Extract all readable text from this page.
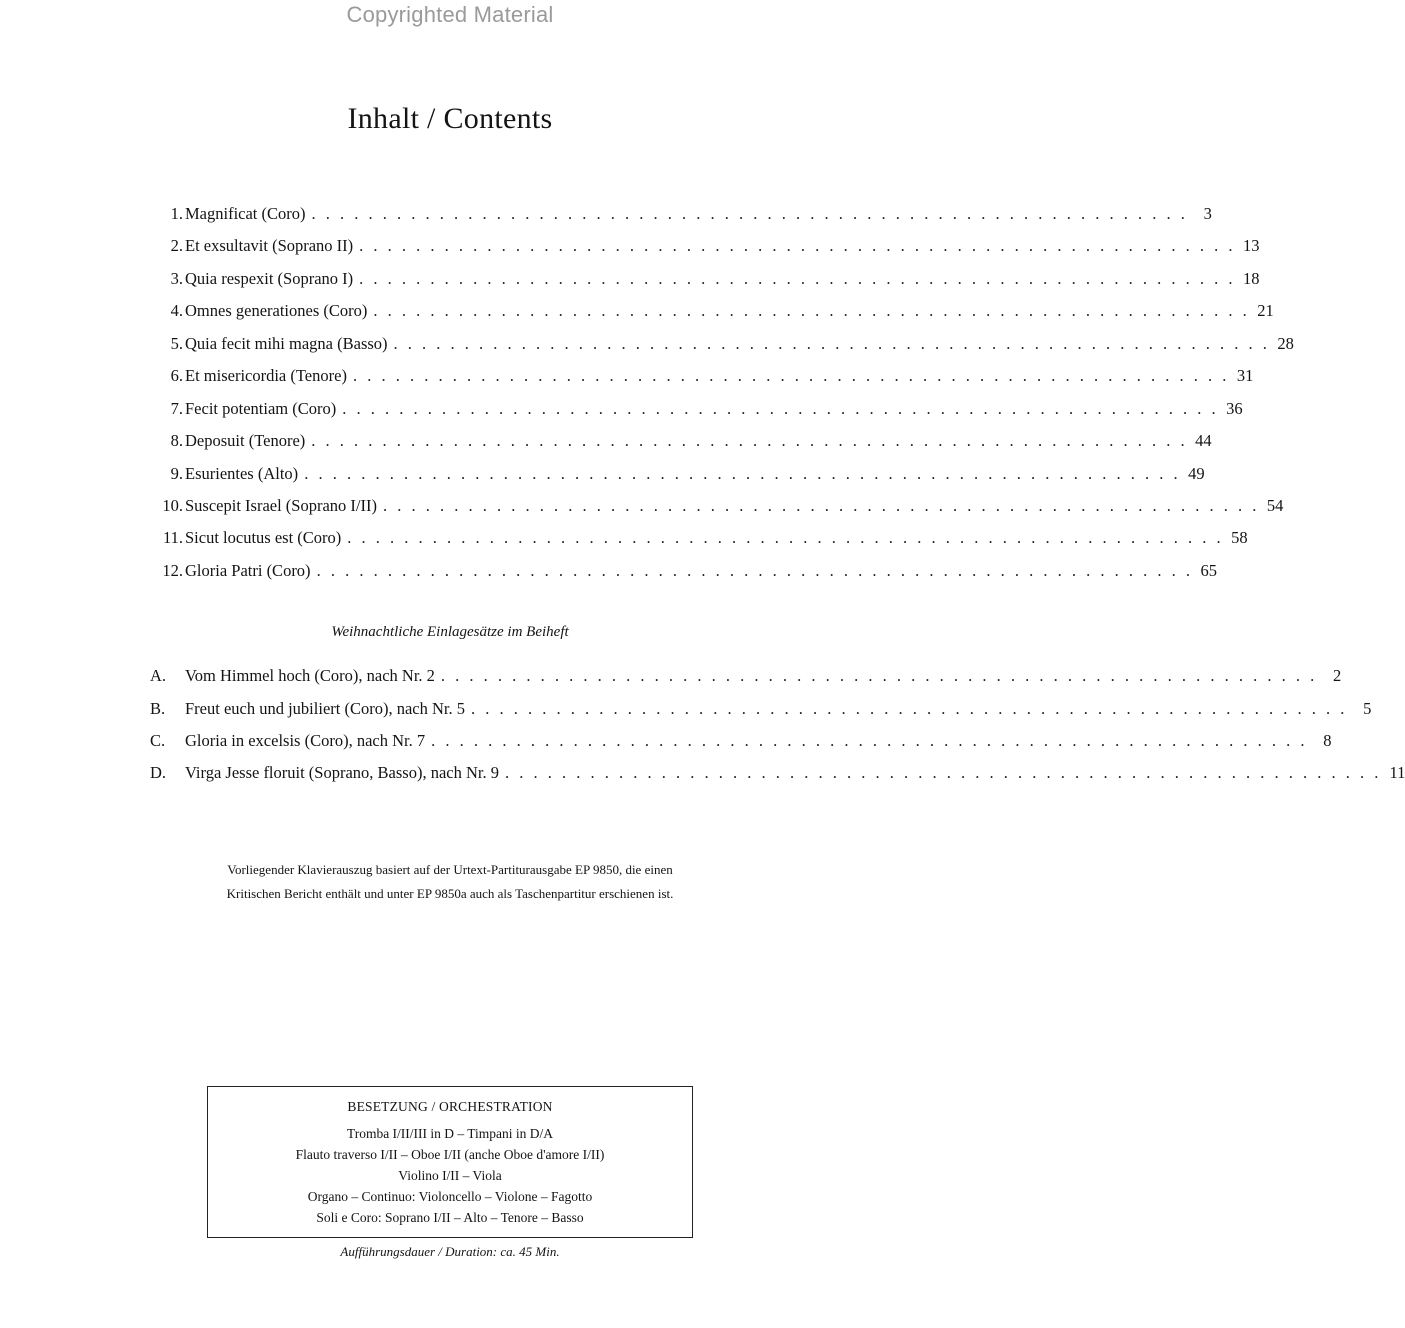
Copyrighted Material
Inhalt / Contents
1. Magnificat (Coro) . . . . . . . . . . . . . . . . . . . . . . . . . . . . . . . . . . . . . . . . . . . . . . . . . . . . . . . . . . . . . . 3
2. Et exsultavit (Soprano II) . . . . . . . . . . . . . . . . . . . . . . . . . . . . . . . . . . . . . . . . . . . . . . . . . . . . . . . . . . . . . . 13
3. Quia respexit (Soprano I) . . . . . . . . . . . . . . . . . . . . . . . . . . . . . . . . . . . . . . . . . . . . . . . . . . . . . . . . . . . . . . 18
4. Omnes generationes (Coro) . . . . . . . . . . . . . . . . . . . . . . . . . . . . . . . . . . . . . . . . . . . . . . . . . . . . . . . . . . . . . . 21
5. Quia fecit mihi magna (Basso) . . . . . . . . . . . . . . . . . . . . . . . . . . . . . . . . . . . . . . . . . . . . . . . . . . . . . . . . . . . . . . 28
6. Et misericordia (Tenore) . . . . . . . . . . . . . . . . . . . . . . . . . . . . . . . . . . . . . . . . . . . . . . . . . . . . . . . . . . . . . . 31
7. Fecit potentiam (Coro) . . . . . . . . . . . . . . . . . . . . . . . . . . . . . . . . . . . . . . . . . . . . . . . . . . . . . . . . . . . . . . 36
8. Deposuit (Tenore) . . . . . . . . . . . . . . . . . . . . . . . . . . . . . . . . . . . . . . . . . . . . . . . . . . . . . . . . . . . . . . 44
9. Esurientes (Alto) . . . . . . . . . . . . . . . . . . . . . . . . . . . . . . . . . . . . . . . . . . . . . . . . . . . . . . . . . . . . . . 49
10. Suscepit Israel (Soprano I/II) . . . . . . . . . . . . . . . . . . . . . . . . . . . . . . . . . . . . . . . . . . . . . . . . . . . . . . . . . . . . . . 54
11. Sicut locutus est (Coro) . . . . . . . . . . . . . . . . . . . . . . . . . . . . . . . . . . . . . . . . . . . . . . . . . . . . . . . . . . . . . . 58
12. Gloria Patri (Coro) . . . . . . . . . . . . . . . . . . . . . . . . . . . . . . . . . . . . . . . . . . . . . . . . . . . . . . . . . . . . . . 65
Weihnachtliche Einlagesätze im Beiheft
A.	Vom Himmel hoch (Coro), nach Nr. 2 . . . . . . . . . . . . . . . . . . . . . . . . . . . . . . . . . . . . . . . . . . . . . . . . . . . . . . . . . . . . . . 2
B.	Freut euch und jubiliert (Coro), nach Nr. 5 . . . . . . . . . . . . . . . . . . . . . . . . . . . . . . . . . . . . . . . . . . . . . . . . . . . . . . . . . . . . . . 5
C.	Gloria in excelsis (Coro), nach Nr. 7 . . . . . . . . . . . . . . . . . . . . . . . . . . . . . . . . . . . . . . . . . . . . . . . . . . . . . . . . . . . . . . 8
D.	Virga Jesse floruit (Soprano, Basso), nach Nr. 9 . . . . . . . . . . . . . . . . . . . . . . . . . . . . . . . . . . . . . . . . . . . . . . . . . . . . . . . . . . . . . . 11

Vorliegender Klavierauszug basiert auf der Urtext-Partiturausgabe EP 9850, die einen

Kritischen Bericht enthält und unter EP 9850a auch als Taschenpartitur erschienen ist.

BESETZUNG / ORCHESTRATION
Tromba I/II/III in D – Timpani in D/A
Flauto traverso I/II – Oboe I/II (anche Oboe d'amore I/II)
Violino I/II – Viola
Organo – Continuo: Violoncello – Violone – Fagotto
Soli e Coro: Soprano I/II – Alto – Tenore – Basso
Aufführungsdauer / Duration: ca. 45 Min.
